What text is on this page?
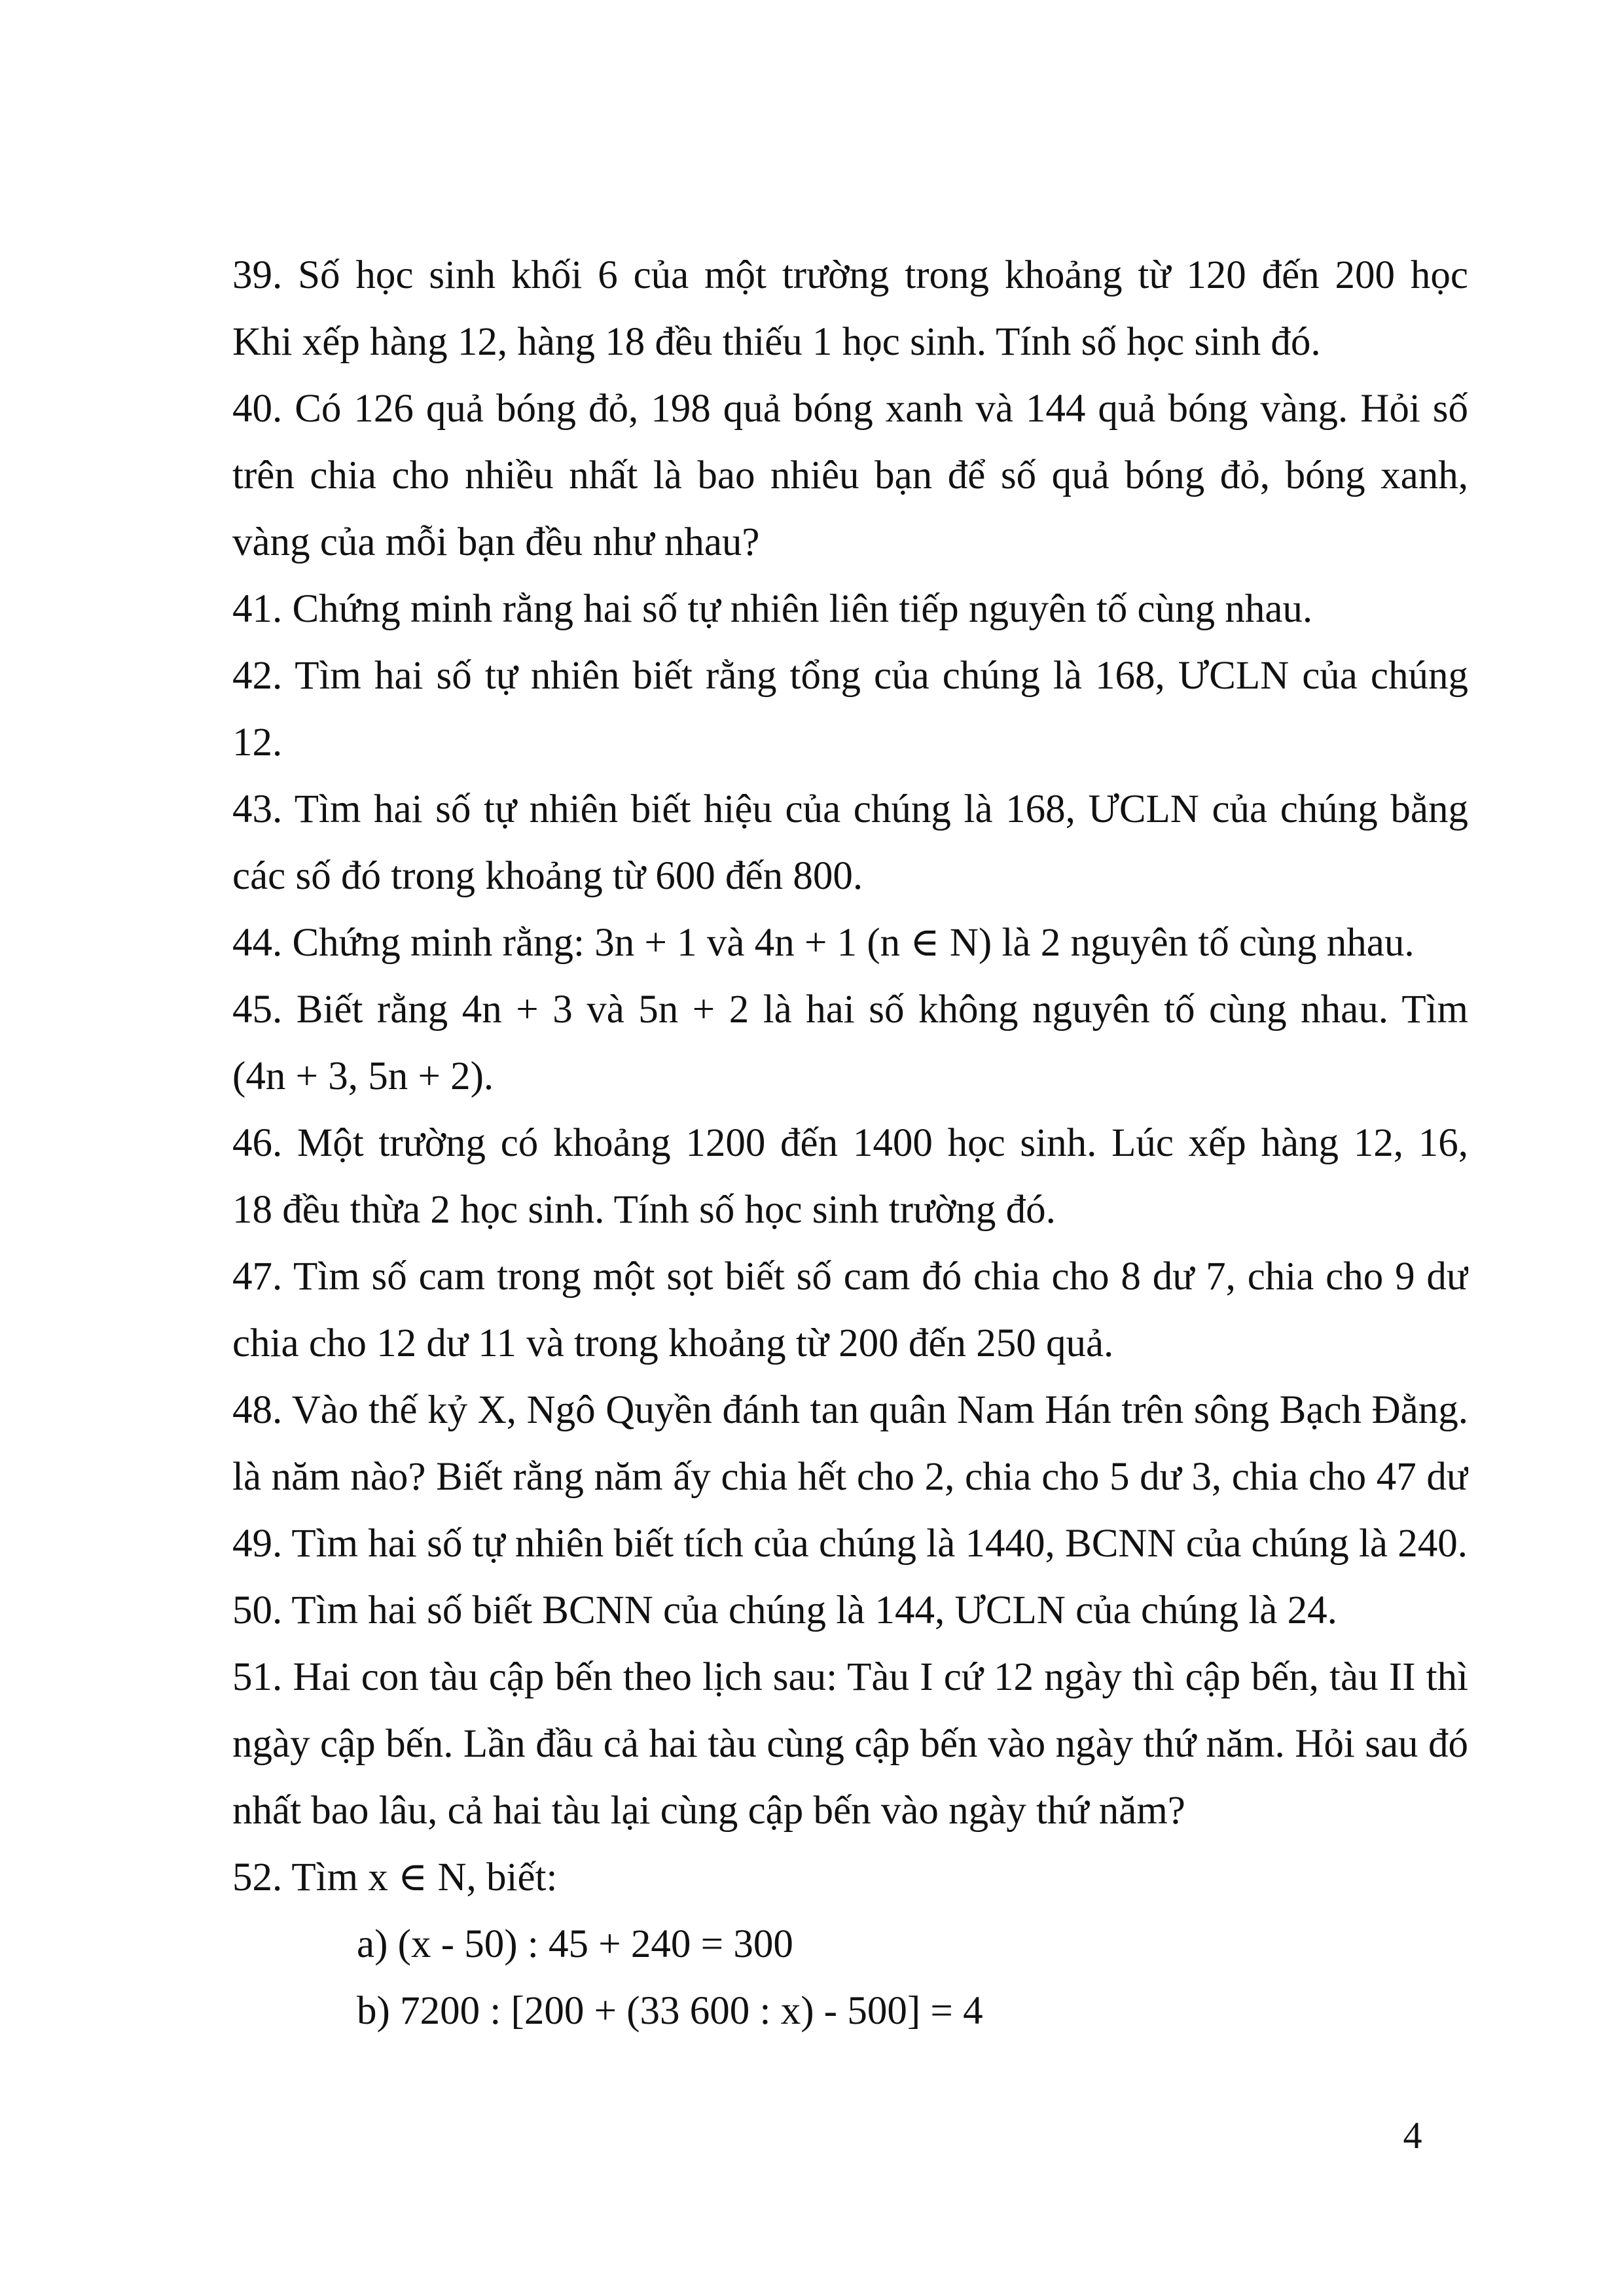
39. Số học sinh khối 6 của một trường trong khoảng từ 120 đến 200 học
Khi xếp hàng 12, hàng 18 đều thiếu 1 học sinh. Tính số học sinh đó.
40. Có 126 quả bóng đỏ, 198 quả bóng xanh và 144 quả bóng vàng. Hỏi số
trên chia cho nhiều nhất là bao nhiêu bạn để số quả bóng đỏ, bóng xanh,
vàng của mỗi bạn đều như nhau?
41. Chứng minh rằng hai số tự nhiên liên tiếp nguyên tố cùng nhau.
42. Tìm hai số tự nhiên biết rằng tổng của chúng là 168, ƯCLN của chúng
12.
43. Tìm hai số tự nhiên biết hiệu của chúng là 168, ƯCLN của chúng bằng
các số đó trong khoảng từ 600 đến 800.
44. Chứng minh rằng: 3n + 1 và 4n + 1 (n ∈ N) là 2 nguyên tố cùng nhau.
45. Biết rằng 4n + 3 và 5n + 2 là hai số không nguyên tố cùng nhau. Tìm
(4n + 3, 5n + 2).
46. Một trường có khoảng 1200 đến 1400 học sinh. Lúc xếp hàng 12, 16,
18 đều thừa 2 học sinh. Tính số học sinh trường đó.
47. Tìm số cam trong một sọt biết số cam đó chia cho 8 dư 7, chia cho 9 dư
chia cho 12 dư 11 và trong khoảng từ 200 đến 250 quả.
48. Vào thế kỷ X, Ngô Quyền đánh tan quân Nam Hán trên sông Bạch Đằng.
là năm nào? Biết rằng năm ấy chia hết cho 2, chia cho 5 dư 3, chia cho 47 dư
49. Tìm hai số tự nhiên biết tích của chúng là 1440, BCNN của chúng là 240.
50. Tìm hai số biết BCNN của chúng là 144, ƯCLN của chúng là 24.
51. Hai con tàu cập bến theo lịch sau: Tàu I cứ 12 ngày thì cập bến, tàu II thì
ngày cập bến. Lần đầu cả hai tàu cùng cập bến vào ngày thứ năm. Hỏi sau đó
nhất bao lâu, cả hai tàu lại cùng cập bến vào ngày thứ năm?
52. Tìm x ∈ N, biết:
a) (x - 50) : 45 + 240 = 300
b) 7200 : [200 + (33 600 : x) - 500] = 4
4
